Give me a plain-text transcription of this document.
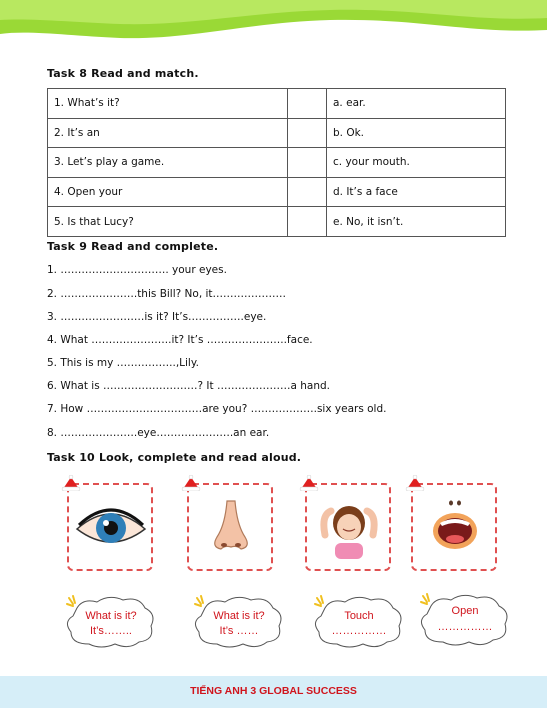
Task 8 Read and match.
1. What’s it?		a. ear.
2. It’s an		b. Ok.
3. Let’s play a game.		c. your mouth.
4. Open your		d. It’s a face
5. Is that Lucy?		e. No, it isn’t.
Task 9 Read and complete.
1. …………………………. your eyes.
2. ………………….this Bill? No, it…………………
3. ……………………is it? It’s…………….eye.
4. What …………………..it? It’s …………………..face.
5. This is my ……………..,Lily.
6. What is ………………………? It …………………a hand.
7. How ……………………………are you? ……………….six years old.
8. ………………….eye………………….an ear.
Task 10 Look, complete and read aloud.
What is it?
It’s……..
What is it?
It’s ……
Touch
……………
Open
……………
TIẾNG ANH 3 GLOBAL SUCCESS
